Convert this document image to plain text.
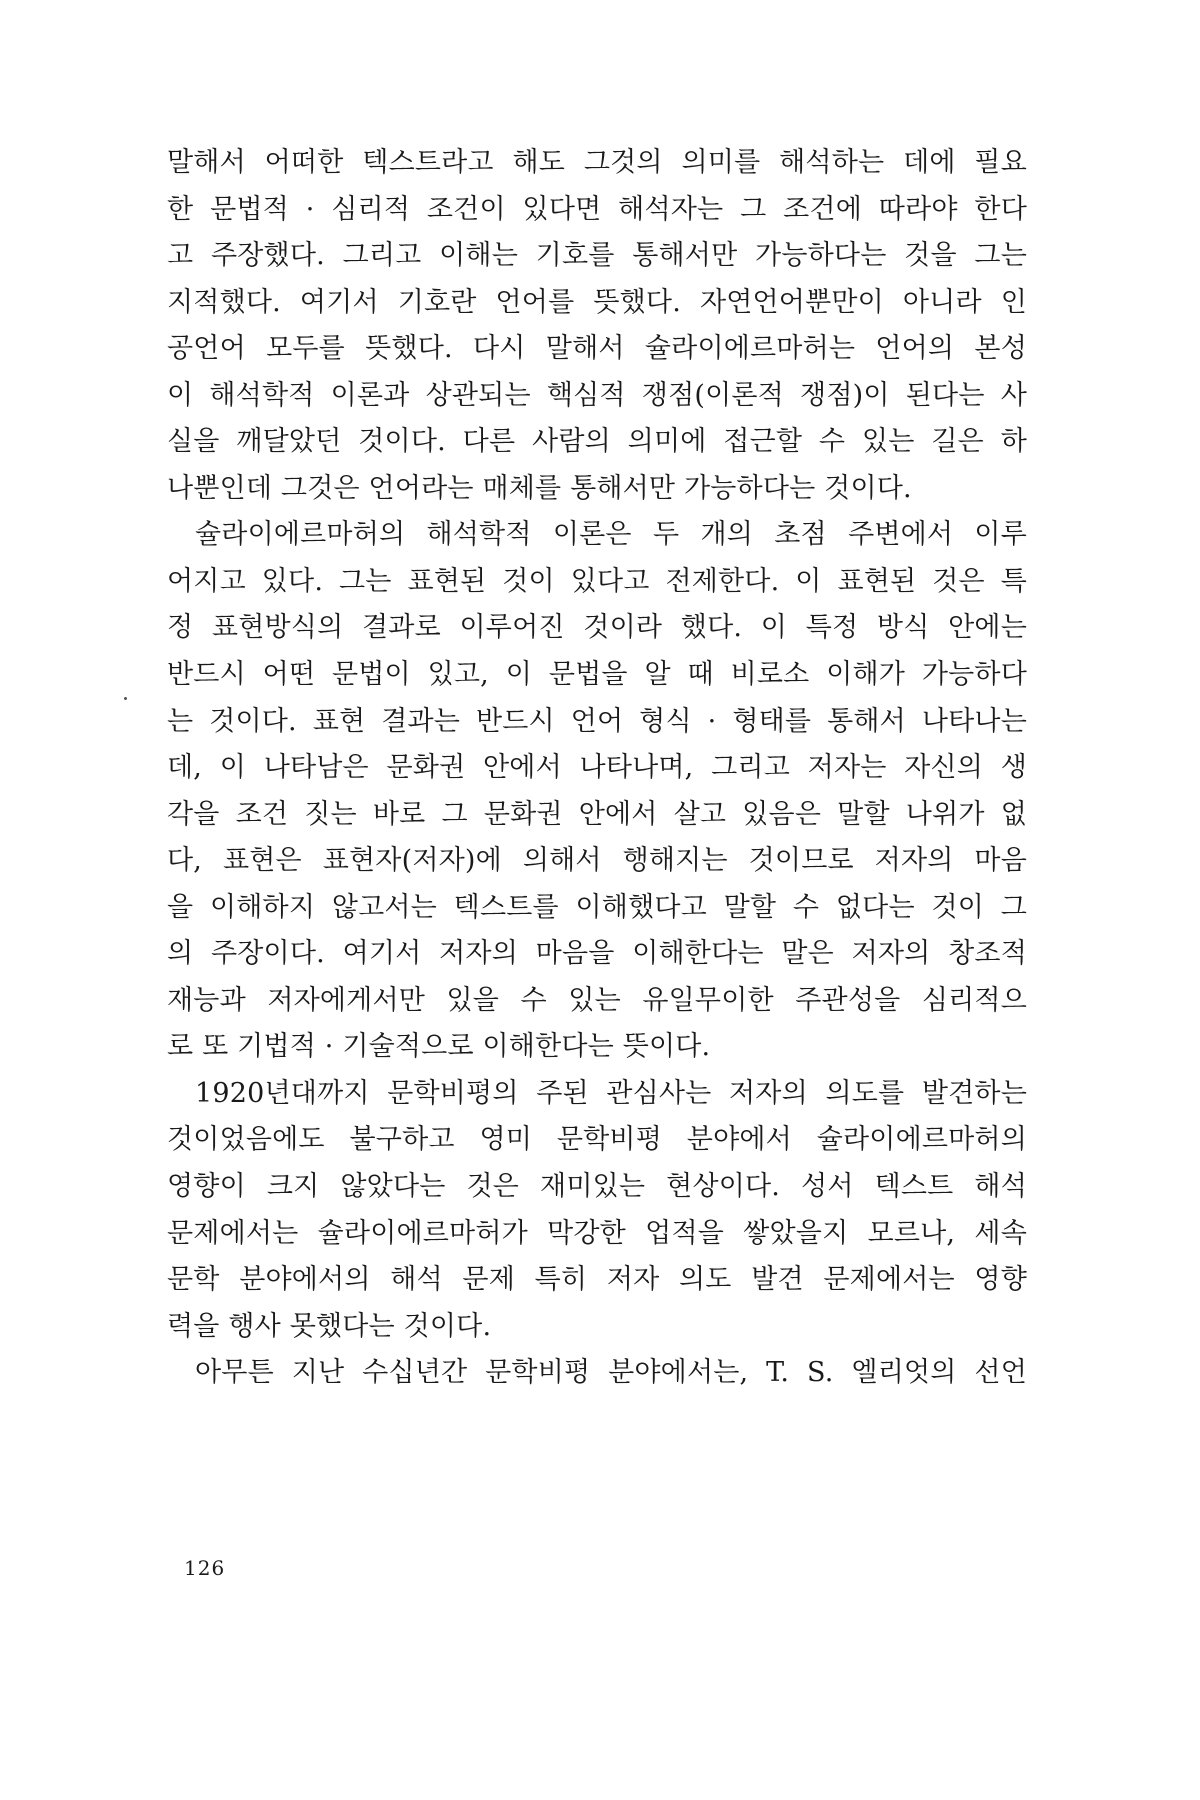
말해서 어떠한 텍스트라고 해도 그것의 의미를 해석하는 데에 필요
한 문법적 · 심리적 조건이 있다면 해석자는 그 조건에 따라야 한다
고 주장했다. 그리고 이해는 기호를 통해서만 가능하다는 것을 그는
지적했다. 여기서 기호란 언어를 뜻했다. 자연언어뿐만이 아니라 인
공언어 모두를 뜻했다. 다시 말해서 슐라이에르마허는 언어의 본성
이 해석학적 이론과 상관되는 핵심적 쟁점(이론적 쟁점)이 된다는 사
실을 깨달았던 것이다. 다른 사람의 의미에 접근할 수 있는 길은 하
나뿐인데 그것은 언어라는 매체를 통해서만 가능하다는 것이다.
슐라이에르마허의 해석학적 이론은 두 개의 초점 주변에서 이루
어지고 있다. 그는 표현된 것이 있다고 전제한다. 이 표현된 것은 특
정 표현방식의 결과로 이루어진 것이라 했다. 이 특정 방식 안에는
반드시 어떤 문법이 있고, 이 문법을 알 때 비로소 이해가 가능하다
는 것이다. 표현 결과는 반드시 언어 형식 · 형태를 통해서 나타나는
데, 이 나타남은 문화권 안에서 나타나며, 그리고 저자는 자신의 생
각을 조건 짓는 바로 그 문화권 안에서 살고 있음은 말할 나위가 없
다, 표현은 표현자(저자)에 의해서 행해지는 것이므로 저자의 마음
을 이해하지 않고서는 텍스트를 이해했다고 말할 수 없다는 것이 그
의 주장이다. 여기서 저자의 마음을 이해한다는 말은 저자의 창조적
재능과 저자에게서만 있을 수 있는 유일무이한 주관성을 심리적으
로 또 기법적 · 기술적으로 이해한다는 뜻이다.
1920년대까지 문학비평의 주된 관심사는 저자의 의도를 발견하는
것이었음에도 불구하고 영미 문학비평 분야에서 슐라이에르마허의
영향이 크지 않았다는 것은 재미있는 현상이다. 성서 텍스트 해석
문제에서는 슐라이에르마허가 막강한 업적을 쌓았을지 모르나, 세속
문학 분야에서의 해석 문제 특히 저자 의도 발견 문제에서는 영향
력을 행사 못했다는 것이다.
아무튼 지난 수십년간 문학비평 분야에서는, T. S. 엘리엇의 선언
126
